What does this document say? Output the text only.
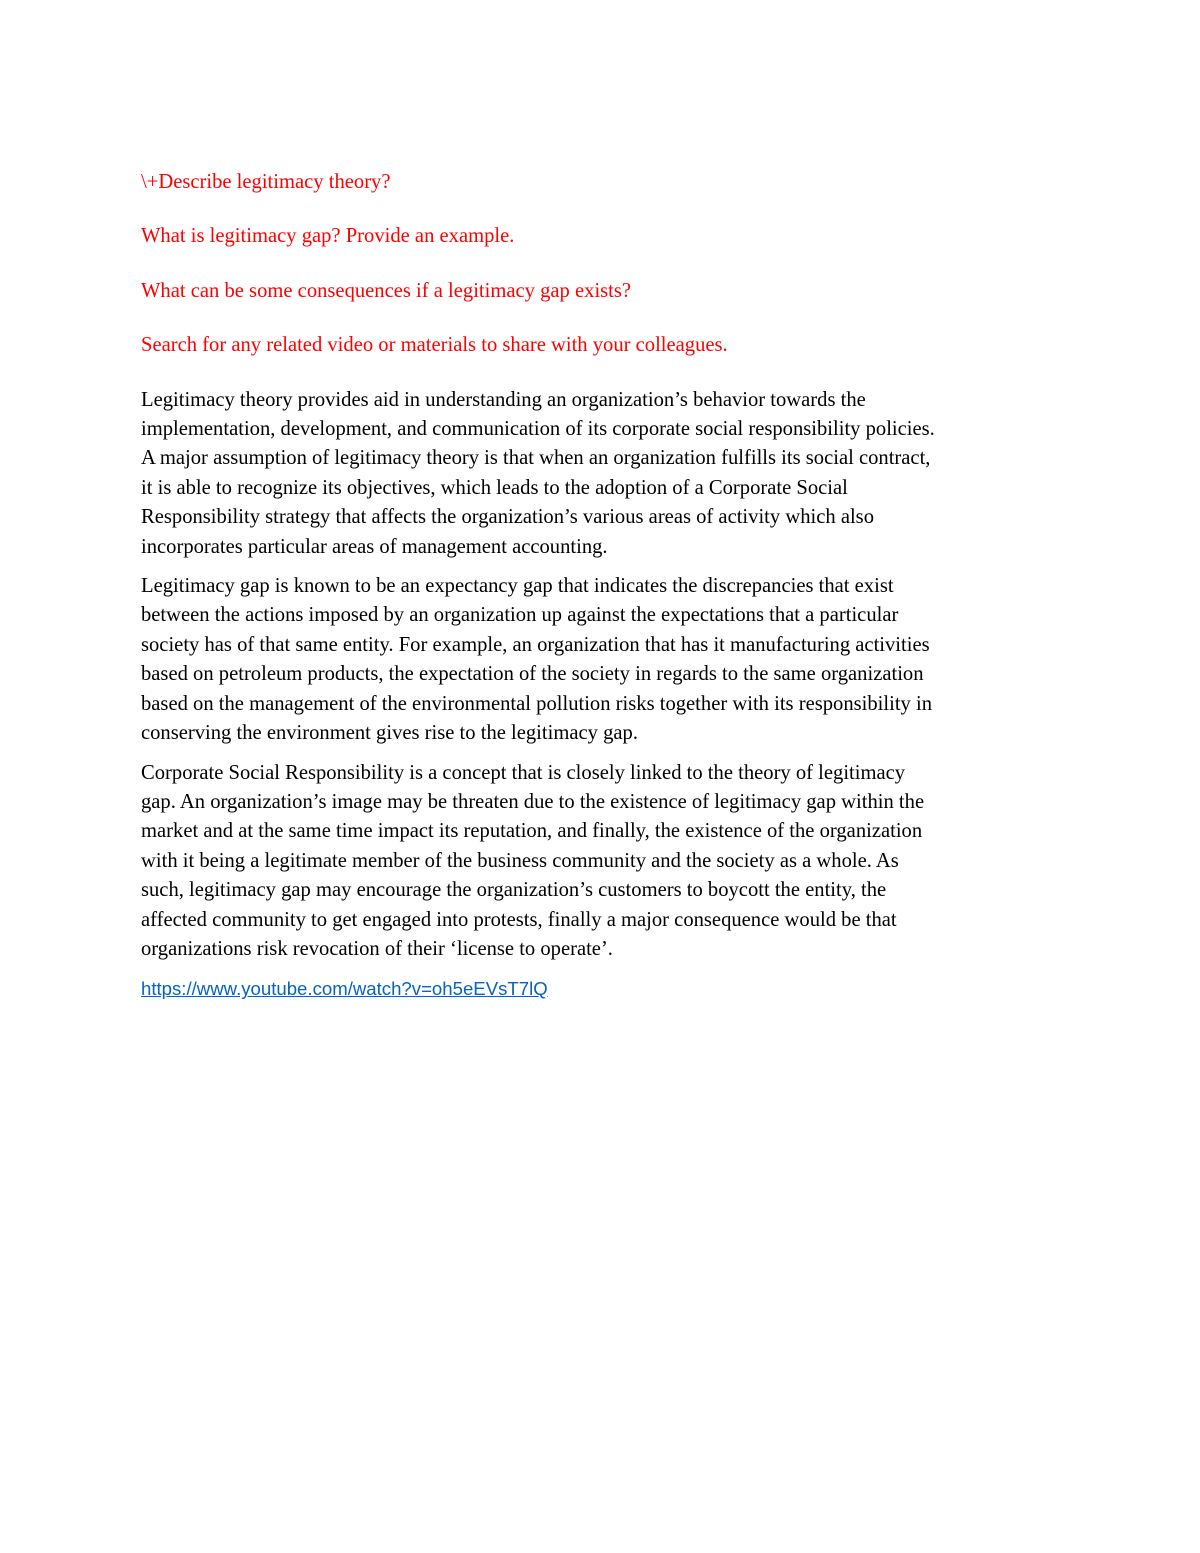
\+Describe legitimacy theory?

What is legitimacy gap? Provide an example.

What can be some consequences if a legitimacy gap exists?

Search for any related video or materials to share with your colleagues.

Legitimacy theory provides aid in understanding an organization’s behavior towards the
implementation, development, and communication of its corporate social responsibility policies.
A major assumption of legitimacy theory is that when an organization fulfills its social contract,
it is able to recognize its objectives, which leads to the adoption of a Corporate Social
Responsibility strategy that affects the organization’s various areas of activity which also
incorporates particular areas of management accounting.
Legitimacy gap is known to be an expectancy gap that indicates the discrepancies that exist
between the actions imposed by an organization up against the expectations that a particular
society has of that same entity. For example, an organization that has it manufacturing activities
based on petroleum products, the expectation of the society in regards to the same organization
based on the management of the environmental pollution risks together with its responsibility in
conserving the environment gives rise to the legitimacy gap.
Corporate Social Responsibility is a concept that is closely linked to the theory of legitimacy
gap. An organization’s image may be threaten due to the existence of legitimacy gap within the
market and at the same time impact its reputation, and finally, the existence of the organization
with it being a legitimate member of the business community and the society as a whole. As
such, legitimacy gap may encourage the organization’s customers to boycott the entity, the
affected community to get engaged into protests, finally a major consequence would be that
organizations risk revocation of their ‘license to operate’.

https://www.youtube.com/watch?v=oh5eEVsT7lQ
